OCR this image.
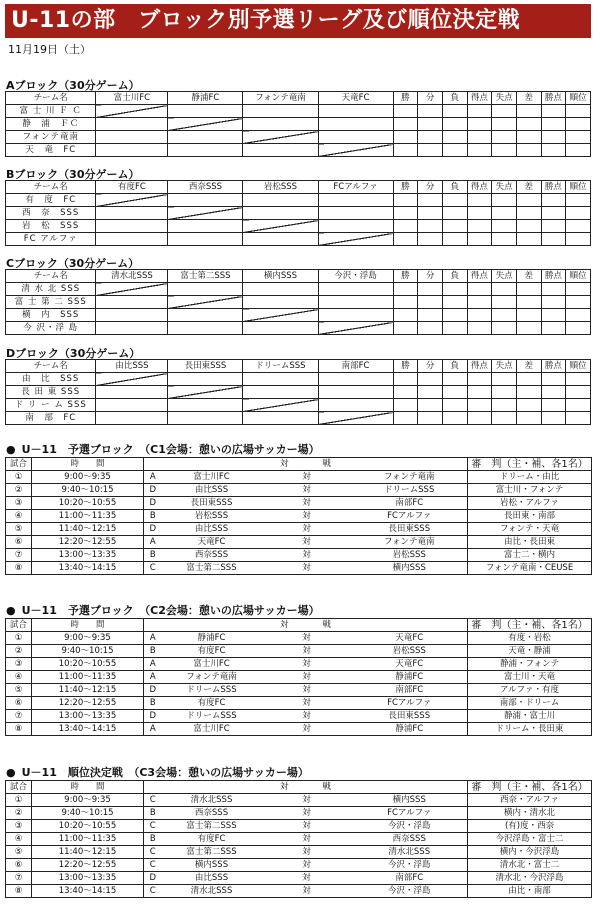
U-11の部　ブロック別予選リーグ及び順位決定戦
11月19日（土）
Aブロック（30分ゲーム）
チーム名	富士川FC	静浦FC	フォンテ竜南	天竜FC	勝	分	負	得点	失点	差	勝点	順位
富 士 川 Ｆ Ｃ												
静　浦　ＦＣ												
フォンテ竜南												
天　竜　FC												
Bブロック（30分ゲーム）
チーム名	有度FC	西奈SSS	岩松SSS	FCアルファ	勝	分	負	得点	失点	差	勝点	順位
有　度　FC												
西　奈　SSS												
岩　松　SSS												
FC アルファ												
Cブロック（30分ゲーム）
チーム名	清水北SSS	富士第二SSS	横内SSS	今沢・浮島	勝	分	負	得点	失点	差	勝点	順位
清 水 北 SSS												
富 士 第 二 SSS												
横　内　SSS												
今 沢・浮 島												
Dブロック（30分ゲーム）
チーム名	由比SSS	長田東SSS	ドリームSSS	南部FC	勝	分	負	得点	失点	差	勝点	順位
由　比　SSS												
長 田 東 SSS												
ド リ ー ム SSS												
南　部　FC												
● U－11　予選ブロック　（C1会場：憩いの広場サッカー場）
試合	時　　間	対　　　　戦				審　判（主・補、各1名）
①	9:00～9:35	A	富士川FC	対	フォンテ竜南	ドリーム・由比
②	9:40～10:15	D	由比SSS	対	ドリームSSS	富士川・フォンテ
③	10:20～10:55	D	長田東SSS	対	南部FC	岩松・アルファ
④	11:00～11:35	B	岩松SSS	対	FCアルファ	長田東・南部
⑤	11:40～12:15	D	由比SSS	対	長田東SSS	フォンテ・天竜
⑥	12:20～12:55	A	天竜FC	対	フォンテ竜南	由比・長田東
⑦	13:00～13:35	B	西奈SSS	対	岩松SSS	富士二・横内
⑧	13:40～14:15	C	富士第二SSS	対	横内SSS	フォンテ竜南・CEUSE
● U－11　予選ブロック　（C2会場：憩いの広場サッカー場）
試合	時　　間	対　　　　戦				審　判（主・補、各1名）
①	9:00～9:35	A	静浦FC	対	天竜FC	有度・岩松
②	9:40～10:15	B	有度FC	対	岩松SSS	天竜・静浦
③	10:20～10:55	A	富士川FC	対	天竜FC	静浦・フォンテ
④	11:00～11:35	A	フォンテ竜南	対	静浦FC	富士川・天竜
⑤	11:40～12:15	D	ドリームSSS	対	南部FC	アルファ・有度
⑥	12:20～12:55	B	有度FC	対	FCアルファ	南部・ドリーム
⑦	13:00～13:35	D	ドリームSSS	対	長田東SSS	静浦・富士川
⑧	13:40～14:15	A	富士川FC	対	静浦FC	ドリーム・長田東
● U－11　順位決定戦　（C3会場：憩いの広場サッカー場）
試合	時　　間	対　　　　戦				審　判（主・補、各1名）
①	9:00～9:35	C	清水北SSS	対	横内SSS	西奈・アルファ
②	9:40～10:15	B	西奈SSS	対	FCアルファ	横内・清水北
③	10:20～10:55	C	富士第二SSS	対	今沢・浮島	(有)度・西奈
④	11:00～11:35	B	有度FC	対	西奈SSS	今沢浮島・富士二
⑤	11:40～12:15	C	富士第二SSS	対	清水北SSS	横内・今沢浮島
⑥	12:20～12:55	C	横内SSS	対	今沢・浮島	清水北・富士二
⑦	13:00～13:35	D	由比SSS	対	南部FC	清水北・今沢浮島
⑧	13:40～14:15	C	清水北SSS	対	今沢・浮島	由比・南部
